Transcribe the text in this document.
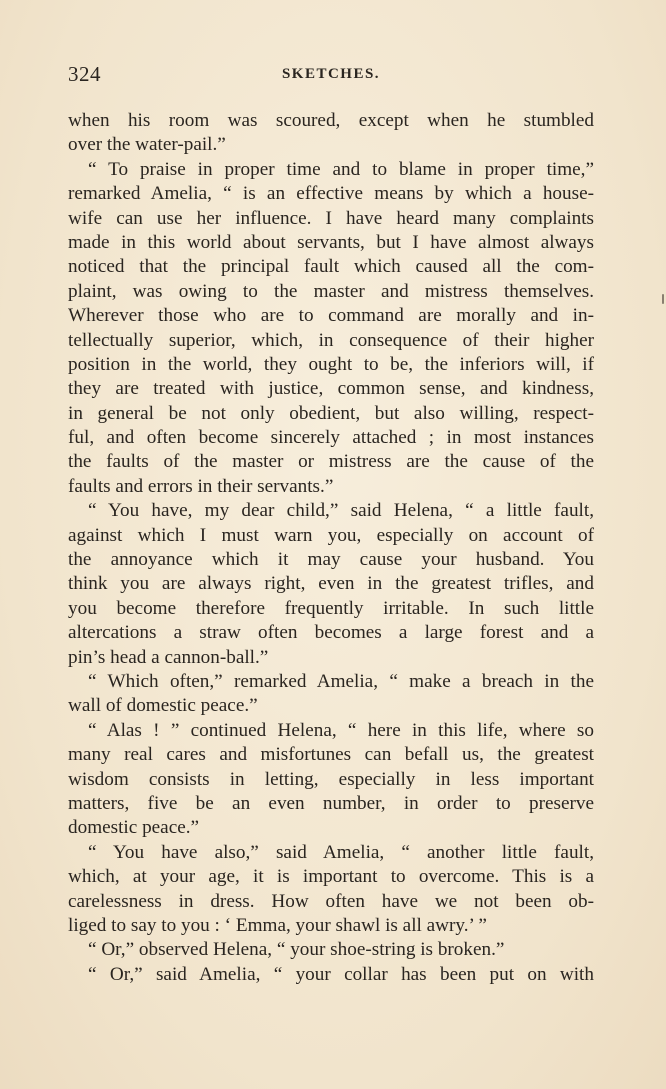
324	SKETCHES.
when his room was scoured, except when he stumbled
over the water-pail.”
“ To praise in proper time and to blame in proper time,”
remarked Amelia, “ is an effective means by which a house-
wife can use her influence. I have heard many complaints
made in this world about servants, but I have almost always
noticed that the principal fault which caused all the com-
plaint, was owing to the master and mistress themselves.
Wherever those who are to command are morally and in-
tellectually superior, which, in consequence of their higher
position in the world, they ought to be, the inferiors will, if
they are treated with justice, common sense, and kindness,
in general be not only obedient, but also willing, respect-
ful, and often become sincerely attached ; in most instances
the faults of the master or mistress are the cause of the
faults and errors in their servants.”
“ You have, my dear child,” said Helena, “ a little fault,
against which I must warn you, especially on account of
the annoyance which it may cause your husband. You
think you are always right, even in the greatest trifles, and
you become therefore frequently irritable. In such little
altercations a straw often becomes a large forest and a
pin’s head a cannon-ball.”
“ Which often,” remarked Amelia, “ make a breach in the
wall of domestic peace.”
“ Alas ! ” continued Helena, “ here in this life, where so
many real cares and misfortunes can befall us, the greatest
wisdom consists in letting, especially in less important
matters, five be an even number, in order to preserve
domestic peace.”
“ You have also,” said Amelia, “ another little fault,
which, at your age, it is important to overcome. This is a
carelessness in dress. How often have we not been ob-
liged to say to you : ‘ Emma, your shawl is all awry.’ ”
“ Or,” observed Helena, “ your shoe-string is broken.”
“ Or,” said Amelia, “ your collar has been put on with
